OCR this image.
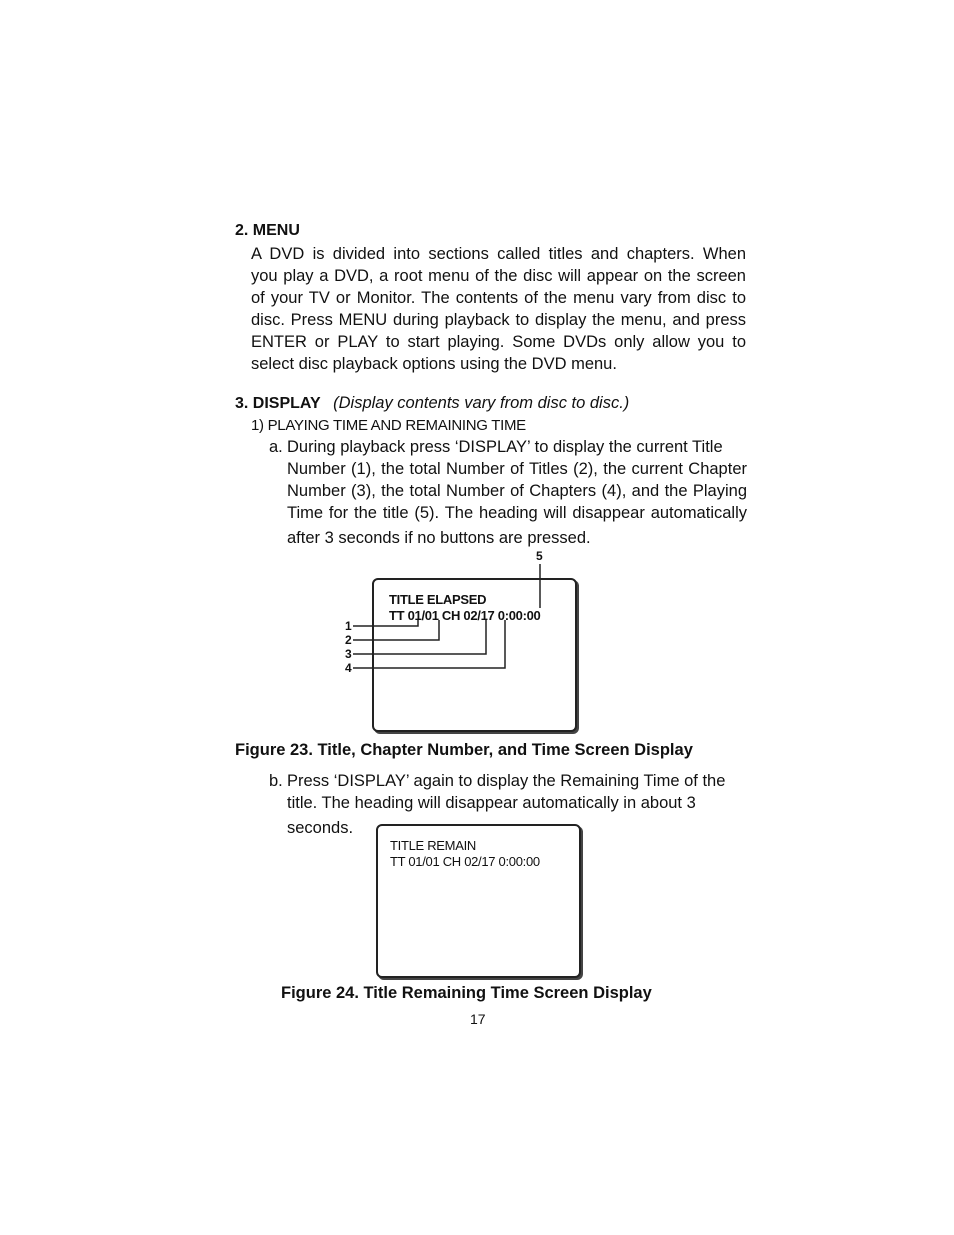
2. MENU
A DVD is divided into sections called titles and chapters. When
you play a DVD, a root menu of the disc will appear on the screen
of your TV or Monitor. The contents of the menu vary from disc to
disc. Press MENU during playback to display the menu, and press
ENTER or PLAY to start playing. Some DVDs only allow you to
select disc playback options using the DVD menu.
3. DISPLAY (Display contents vary from disc to disc.)
1) PLAYING TIME AND REMAINING TIME
a. During playback press ‘DISPLAY’ to display the current Title
Number (1), the total Number of Titles (2), the current Chapter
Number (3), the total Number of Chapters (4), and the Playing
Time for the title (5). The heading will disappear automatically
after 3 seconds if no buttons are pressed.
TITLE ELAPSED
TT 01/01 CH 02/17 0:00:00
1
2
3
4
5
Figure 23. Title, Chapter Number, and Time Screen Display
b. Press ‘DISPLAY’ again to display the Remaining Time of the
title. The heading will disappear automatically in about 3
seconds.
TITLE REMAIN
TT 01/01 CH 02/17 0:00:00
Figure 24. Title Remaining Time Screen Display
17
